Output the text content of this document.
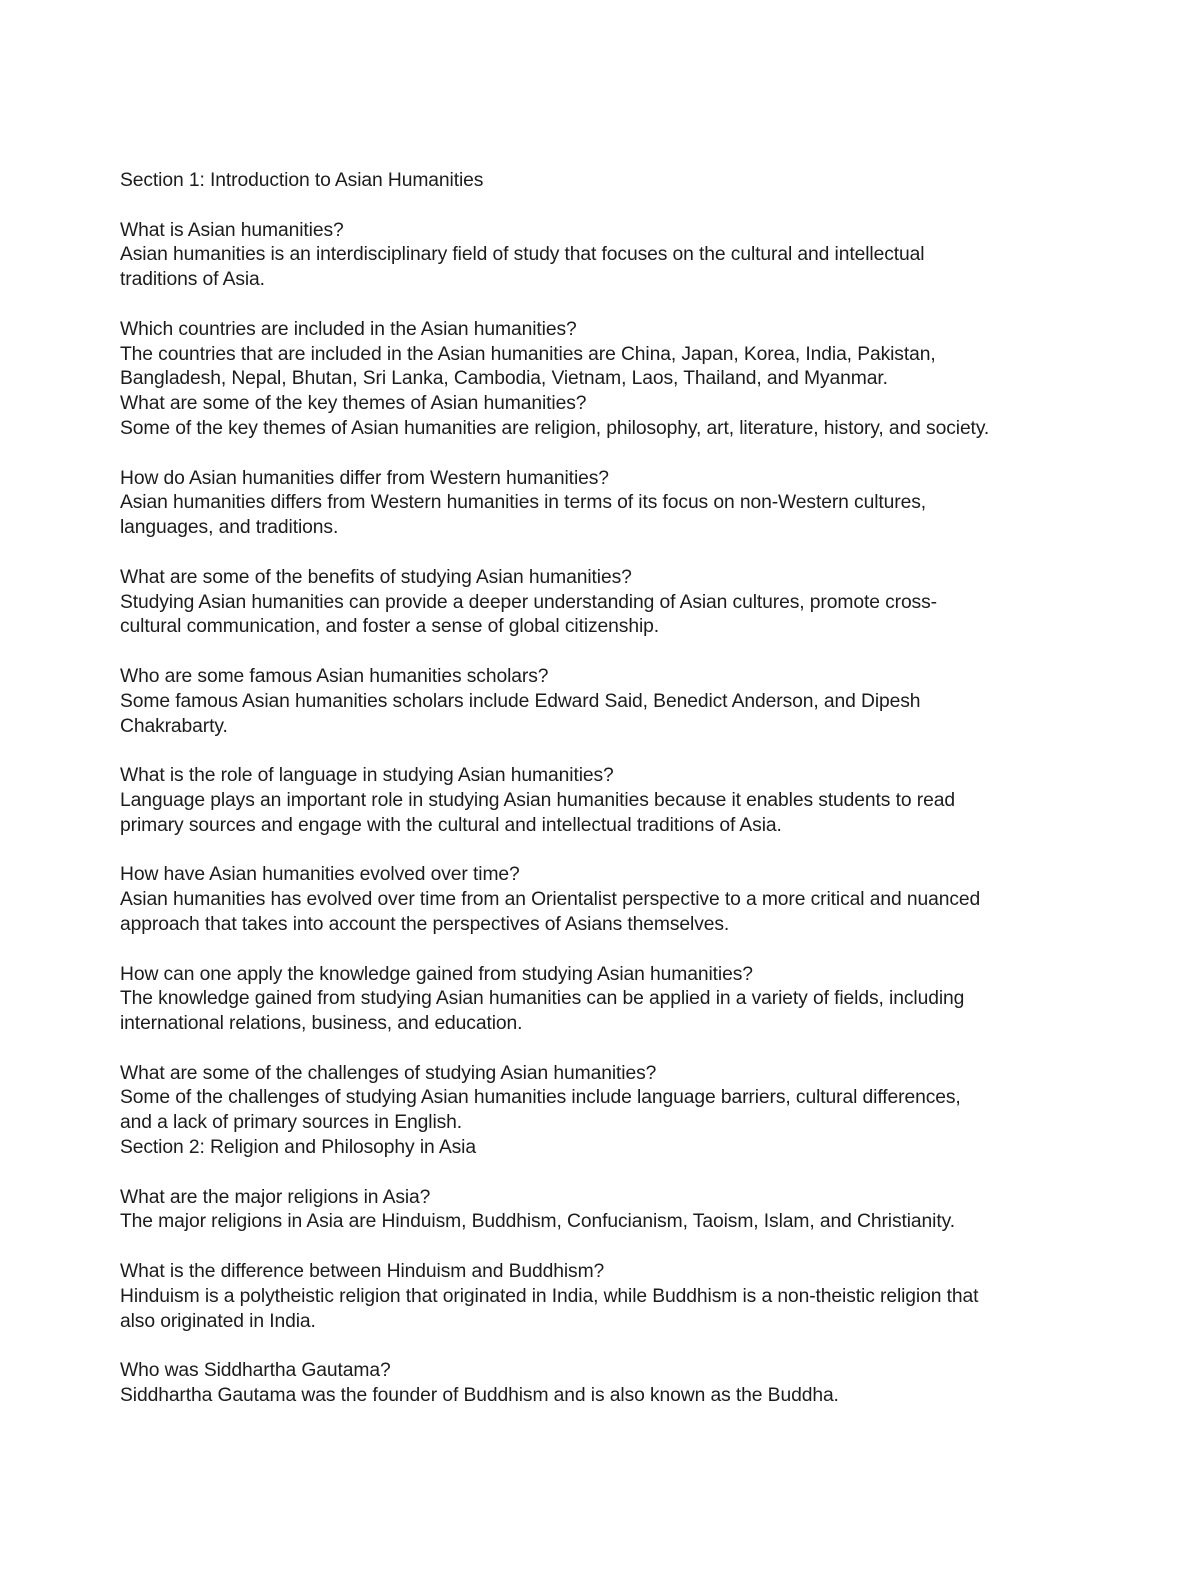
Section 1: Introduction to Asian Humanities
What is Asian humanities?
Asian humanities is an interdisciplinary field of study that focuses on the cultural and intellectual
traditions of Asia.
Which countries are included in the Asian humanities?
The countries that are included in the Asian humanities are China, Japan, Korea, India, Pakistan,
Bangladesh, Nepal, Bhutan, Sri Lanka, Cambodia, Vietnam, Laos, Thailand, and Myanmar.
What are some of the key themes of Asian humanities?
Some of the key themes of Asian humanities are religion, philosophy, art, literature, history, and society.
How do Asian humanities differ from Western humanities?
Asian humanities differs from Western humanities in terms of its focus on non-Western cultures,
languages, and traditions.
What are some of the benefits of studying Asian humanities?
Studying Asian humanities can provide a deeper understanding of Asian cultures, promote cross-
cultural communication, and foster a sense of global citizenship.
Who are some famous Asian humanities scholars?
Some famous Asian humanities scholars include Edward Said, Benedict Anderson, and Dipesh
Chakrabarty.
What is the role of language in studying Asian humanities?
Language plays an important role in studying Asian humanities because it enables students to read
primary sources and engage with the cultural and intellectual traditions of Asia.
How have Asian humanities evolved over time?
Asian humanities has evolved over time from an Orientalist perspective to a more critical and nuanced
approach that takes into account the perspectives of Asians themselves.
How can one apply the knowledge gained from studying Asian humanities?
The knowledge gained from studying Asian humanities can be applied in a variety of fields, including
international relations, business, and education.
What are some of the challenges of studying Asian humanities?
Some of the challenges of studying Asian humanities include language barriers, cultural differences,
and a lack of primary sources in English.
Section 2: Religion and Philosophy in Asia
What are the major religions in Asia?
The major religions in Asia are Hinduism, Buddhism, Confucianism, Taoism, Islam, and Christianity.
What is the difference between Hinduism and Buddhism?
Hinduism is a polytheistic religion that originated in India, while Buddhism is a non-theistic religion that
also originated in India.
Who was Siddhartha Gautama?
Siddhartha Gautama was the founder of Buddhism and is also known as the Buddha.
